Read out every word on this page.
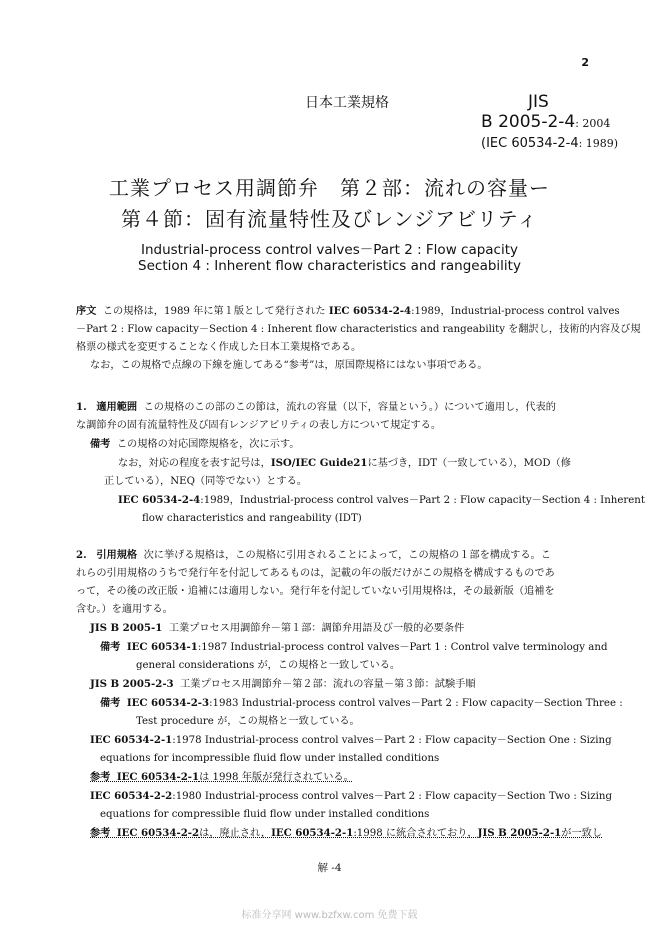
2
日本工業規格	JIS
B 2005-2-4: 2004
(IEC 60534-2-4: 1989)
工業プロセス用調節弁　第２部：流れの容量ー
第４節：固有流量特性及びレンジアビリティ
Industrial-process control valves－Part 2 : Flow capacity
Section 4 : Inherent flow characteristics and rangeability
序文 この規格は，1989 年に第１版として発行された IEC 60534-2-4:1989，Industrial-process control valves
－Part 2 : Flow capacity－Section 4 : Inherent flow characteristics and rangeability を翻訳し，技術的内容及び規
格票の様式を変更することなく作成した日本工業規格である。
なお，この規格で点線の下線を施してある“参考”は，原国際規格にはない事項である。
1. 適用範囲 この規格のこの部のこの節は，流れの容量（以下，容量という。）について適用し，代表的
な調節弁の固有流量特性及び固有レンジアビリティの表し方について規定する。
備考 この規格の対応国際規格を，次に示す。
なお，対応の程度を表す記号は，ISO/IEC Guide21に基づき，IDT（一致している），MOD（修
正している），NEQ（同等でない）とする。
IEC 60534-2-4:1989，Industrial-process control valves－Part 2 : Flow capacity－Section 4 : Inherent
flow characteristics and rangeability (IDT)
2. 引用規格 次に挙げる規格は，この規格に引用されることによって，この規格の１部を構成する。こ
れらの引用規格のうちで発行年を付記してあるものは，記載の年の版だけがこの規格を構成するものであ
って，その後の改正版・追補には適用しない。発行年を付記していない引用規格は，その最新版（追補を
含む。）を適用する。
JIS B 2005-1 工業プロセス用調節弁－第１部：調節弁用語及び一般的必要条件
備考 IEC 60534-1:1987 Industrial-process control valves－Part 1 : Control valve terminology and
general considerations が，この規格と一致している。
JIS B 2005-2-3 工業プロセス用調節弁－第２部：流れの容量－第３節：試験手順
備考 IEC 60534-2-3:1983 Industrial-process control valves－Part 2 : Flow capacity－Section Three :
Test procedure が，この規格と一致している。
IEC 60534-2-1:1978 Industrial-process control valves－Part 2 : Flow capacity－Section One : Sizing
equations for incompressible fluid flow under installed conditions
参考 IEC 60534-2-1は 1998 年版が発行されている。
IEC 60534-2-2:1980 Industrial-process control valves－Part 2 : Flow capacity－Section Two : Sizing
equations for compressible fluid flow under installed conditions
参考 IEC 60534-2-2は，廃止され，IEC 60534-2-1:1998 に統合されており，JIS B 2005-2-1が一致し
解 -4
标准分享网 www.bzfxw.com 免费下载
